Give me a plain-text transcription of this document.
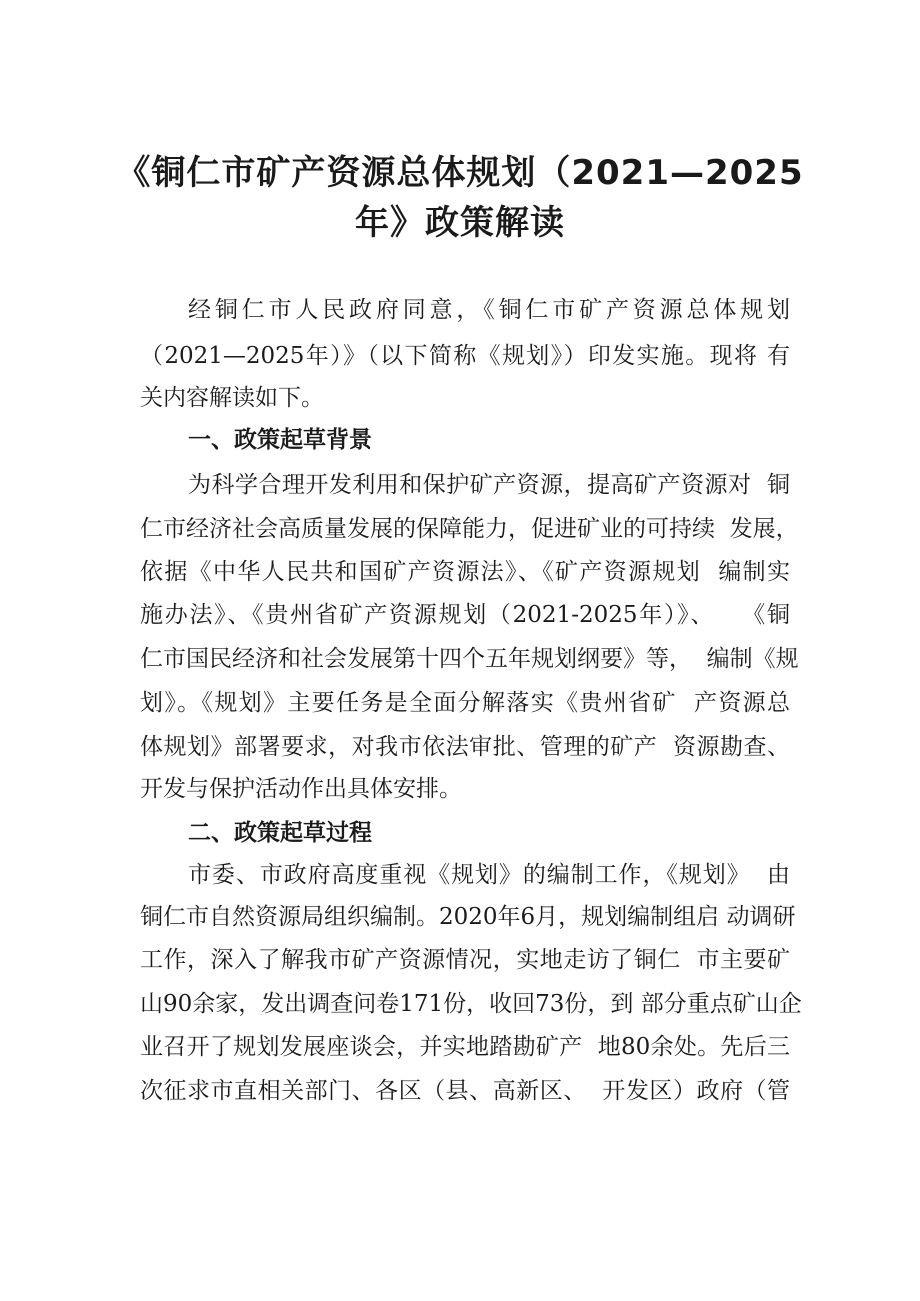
《铜仁市矿产资源总体规划（2021—2025
年》政策解读
经铜仁市人民政府同意，《铜仁市矿产资源总体规划
（2021—2025年）》（以下简称《规划》）印发实施。现将 有
关内容解读如下。
一、政策起草背景
为科学合理开发利用和保护矿产资源，提高矿产资源对  铜
仁市经济社会高质量发展的保障能力，促进矿业的可持续  发展，
依据《中华人民共和国矿产资源法》、《矿产资源规划  编制实
施办法》、《贵州省矿产资源规划（2021-2025年）》、   《铜
仁市国民经济和社会发展第十四个五年规划纲要》等，  编制《规
划》。《规划》主要任务是全面分解落实《贵州省矿  产资源总
体规划》部署要求，对我市依法审批、管理的矿产  资源勘查、
开发与保护活动作出具体安排。
二、政策起草过程
市委、市政府高度重视《规划》的编制工作，《规划》  由
铜仁市自然资源局组织编制。2020年6月，规划编制组启 动调研
工作，深入了解我市矿产资源情况，实地走访了铜仁  市主要矿
山90余家，发出调查问卷171份，收回73份，到 部分重点矿山企
业召开了规划发展座谈会，并实地踏勘矿产  地80余处。先后三
次征求市直相关部门、各区（县、高新区、  开发区）政府（管
